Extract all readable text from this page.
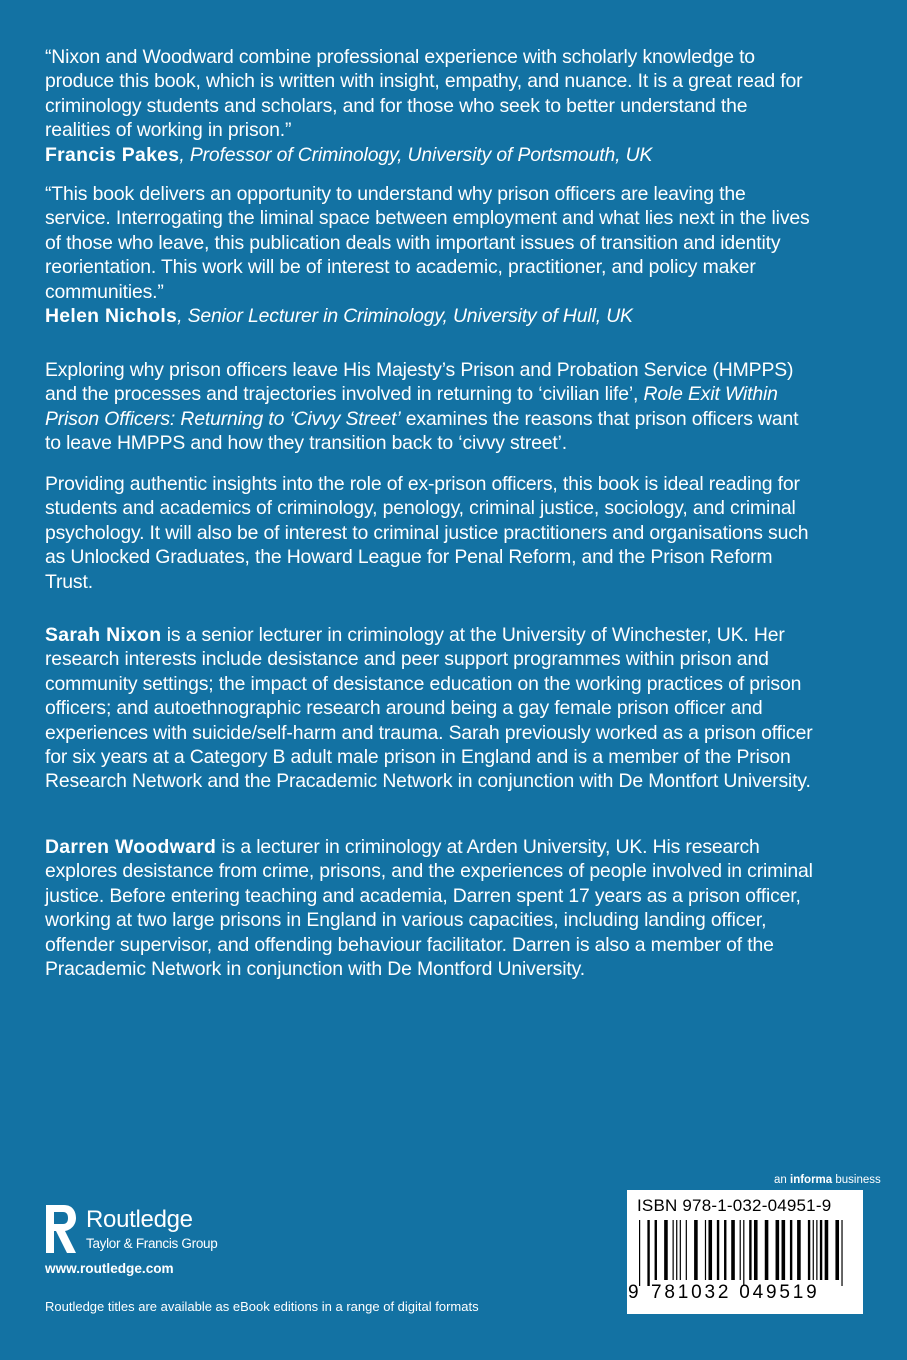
“Nixon and Woodward combine professional experience with scholarly knowledge to produce this book, which is written with insight, empathy, and nuance. It is a great read for criminology students and scholars, and for those who seek to better understand the realities of working in prison.”
Francis Pakes, Professor of Criminology, University of Portsmouth, UK

“This book delivers an opportunity to understand why prison officers are leaving the service. Interrogating the liminal space between employment and what lies next in the lives of those who leave, this publication deals with important issues of transition and identity reorientation. This work will be of interest to academic, practitioner, and policy maker communities.”
Helen Nichols, Senior Lecturer in Criminology, University of Hull, UK

Exploring why prison officers leave His Majesty’s Prison and Probation Service (HMPPS) and the processes and trajectories involved in returning to ‘civilian life’, Role Exit Within Prison Officers: Returning to ‘Civvy Street’ examines the reasons that prison officers want to leave HMPPS and how they transition back to ‘civvy street’.

Providing authentic insights into the role of ex-prison officers, this book is ideal reading for students and academics of criminology, penology, criminal justice, sociology, and criminal psychology. It will also be of interest to criminal justice practitioners and organisations such as Unlocked Graduates, the Howard League for Penal Reform, and the Prison Reform Trust.

Sarah Nixon is a senior lecturer in criminology at the University of Winchester, UK. Her research interests include desistance and peer support programmes within prison and community settings; the impact of desistance education on the working practices of prison officers; and autoethnographic research around being a gay female prison officer and experiences with suicide/self-harm and trauma. Sarah previously worked as a prison officer for six years at a Category B adult male prison in England and is a member of the Prison Research Network and the Pracademic Network in conjunction with De Montfort University.

Darren Woodward is a lecturer in criminology at Arden University, UK. His research explores desistance from crime, prisons, and the experiences of people involved in criminal justice. Before entering teaching and academia, Darren spent 17 years as a prison officer, working at two large prisons in England in various capacities, including landing officer, offender supervisor, and offending behaviour facilitator. Darren is also a member of the Pracademic Network in conjunction with De Montford University.

Routledge
Taylor & Francis Group
www.routledge.com
Routledge titles are available as eBook editions in a range of digital formats
an informa business
ISBN 978-1-032-04951-9
9 781032 049519
